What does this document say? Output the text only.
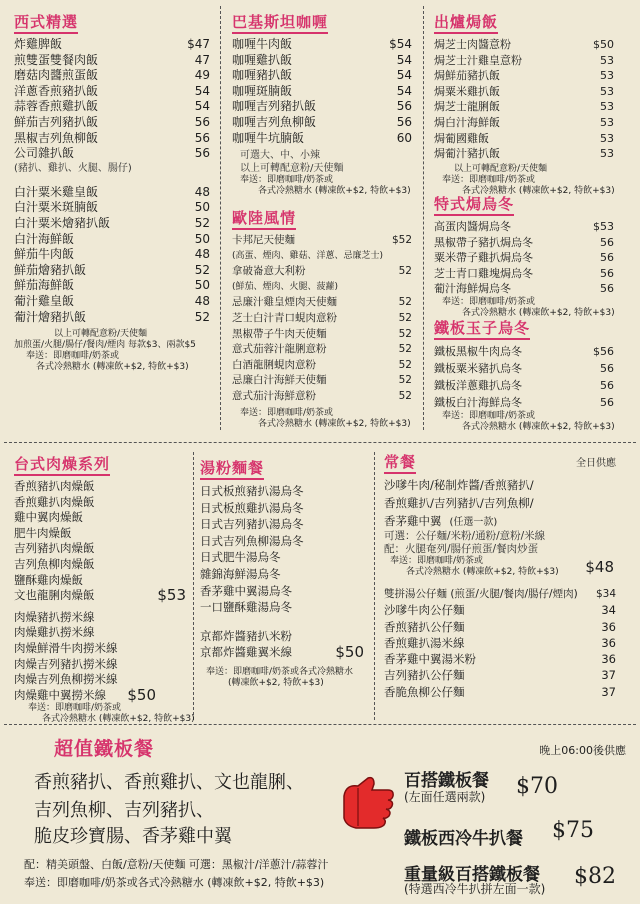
西式精選
炸雞脾飯	$47
煎雙蛋雙餐肉飯	47
磨菇肉醬煎蛋飯	49
洋蔥香煎豬扒飯	54
蒜蓉香煎雞扒飯	54
鮮茄吉列豬扒飯	56
黑椒吉列魚柳飯	56
公司雜扒飯	56
(豬扒、雞扒、火腿、腸仔)
白汁粟米雞皇飯	48
白汁粟米斑腩飯	50
白汁粟米燴豬扒飯	52
白汁海鮮飯	50
鮮茄牛肉飯	48
鮮茄燴豬扒飯	52
鮮茄海鮮飯	50
葡汁雞皇飯	48
葡汁燴豬扒飯	52
以上可轉配意粉/天使麵
加煎蛋/火腿/腸仔/餐肉/煙肉 每款$3、兩款$5
奉送：即磨咖啡/奶茶或
各式冷熱糖水 (轉凍飲+$2, 特飲+$3)
巴基斯坦咖喱
咖喱牛肉飯	$54
咖喱雞扒飯	54
咖喱豬扒飯	54
咖喱斑腩飯	54
咖喱吉列豬扒飯	56
咖喱吉列魚柳飯	56
咖喱牛坑腩飯	60
可選大、中、小辣
以上可轉配意粉/天使麵
奉送：即磨咖啡/奶茶或
各式冷熱糖水 (轉凍飲+$2, 特飲+$3)
歐陸風情
卡邦尼天使麵	$52
(高蛋、煙肉、雞菇、洋蔥、忌廉芝士)
拿破崙意大利粉	52
(鮮茄、煙肉、火腿、菠蘿)
忌廉汁雞皇煙肉天使麵	52
芝士白汁青口蜆肉意粉	52
黑椒帶子牛肉天使麵	52
意式茄蓉汁龍脷意粉	52
白酒龍脷蜆肉意粉	52
忌廉白汁海鮮天使麵	52
意式茄汁海鮮意粉	52
奉送：即磨咖啡/奶茶或
各式冷熱糖水 (轉凍飲+$2, 特飲+$3)
出爐焗飯
焗芝士肉醬意粉	$50
焗芝士汁雞皇意粉	53
焗鮮茄豬扒飯	53
焗粟米雞扒飯	53
焗芝士龍脷飯	53
焗白汁海鮮飯	53
焗葡國雞飯	53
焗葡汁豬扒飯	53
以上可轉配意粉/天使麵
奉送：即磨咖啡/奶茶或
各式冷熱糖水 (轉凍飲+$2, 特飲+$3)
特式焗烏冬
高蛋肉醬焗烏冬	$53
黑椒帶子豬扒焗烏冬	56
粟米帶子雞扒焗烏冬	56
芝士青口雞塊焗烏冬	56
葡汁海鮮焗烏冬	56
奉送：即磨咖啡/奶茶或
各式冷熱糖水 (轉凍飲+$2, 特飲+$3)
鐵板玉子烏冬
鐵板黑椒牛肉烏冬	$56
鐵板粟米豬扒烏冬	56
鐵板洋蔥雞扒烏冬	56
鐵板白汁海鮮烏冬	56
奉送：即磨咖啡/奶茶或
各式冷熱糖水 (轉凍飲+$2, 特飲+$3)
台式肉燥系列
香煎豬扒肉燥飯
香煎雞扒肉燥飯
雞中翼肉燥飯
肥牛肉燥飯
吉列豬扒肉燥飯
吉列魚柳肉燥飯
鹽酥雞肉燥飯
文也龍脷肉燥飯	$53
肉燥豬扒撈米線
肉燥雞扒撈米線
肉燥鮮滑牛肉撈米線
肉燥吉列豬扒撈米線
肉燥吉列魚柳撈米線
肉燥雞中翼撈米線 $50
奉送：即磨咖啡/奶茶或
各式冷熱糖水 (轉凍飲+$2, 特飲+$3)
湯粉麵餐
日式板煎豬扒湯烏冬
日式板煎雞扒湯烏冬
日式吉列豬扒湯烏冬
日式吉列魚柳湯烏冬
日式肥牛湯烏冬
雜錦海鮮湯烏冬
香茅雞中翼湯烏冬
一口鹽酥雞湯烏冬
京都炸醬豬扒米粉
京都炸醬雞翼米線	$50
奉送：即磨咖啡/奶茶或各式冷熱糖水
(轉凍飲+$2, 特飲+$3)
常餐	全日供應
沙嗲牛肉/秘制炸醬/香煎豬扒/
香煎雞扒/吉列豬扒/吉列魚柳/
香茅雞中翼 (任選一款)
可選：公仔麵/米粉/通粉/意粉/米線
配：火腿奄列/腸仔煎蛋/餐肉炒蛋
奉送：即磨咖啡/奶茶或
各式冷熱糖水 (轉凍飲+$2, 特飲+$3)	$48
雙拼湯公仔麵 (煎蛋/火腿/餐肉/腸仔/煙肉) $34
沙嗲牛肉公仔麵	34
香煎豬扒公仔麵	36
香煎雞扒湯米線	36
香茅雞中翼湯米粉	36
吉列豬扒公仔麵	37
香脆魚柳公仔麵	37
超值鐵板餐	晚上06:00後供應
香煎豬扒、香煎雞扒、文也龍脷、
吉列魚柳、吉列豬扒、
脆皮珍寶腸、香茅雞中翼
配：精美頭盤、白飯/意粉/天使麵 可選：黑椒汁/洋蔥汁/蒜蓉汁
奉送：即磨咖啡/奶茶或各式冷熱糖水 (轉凍飲+$2, 特飲+$3)
百搭鐵板餐
(左面任選兩款) $70
鐵板西冷牛扒餐 $75
重量級百搭鐵板餐
(特選西冷牛扒拼左面一款) $82
